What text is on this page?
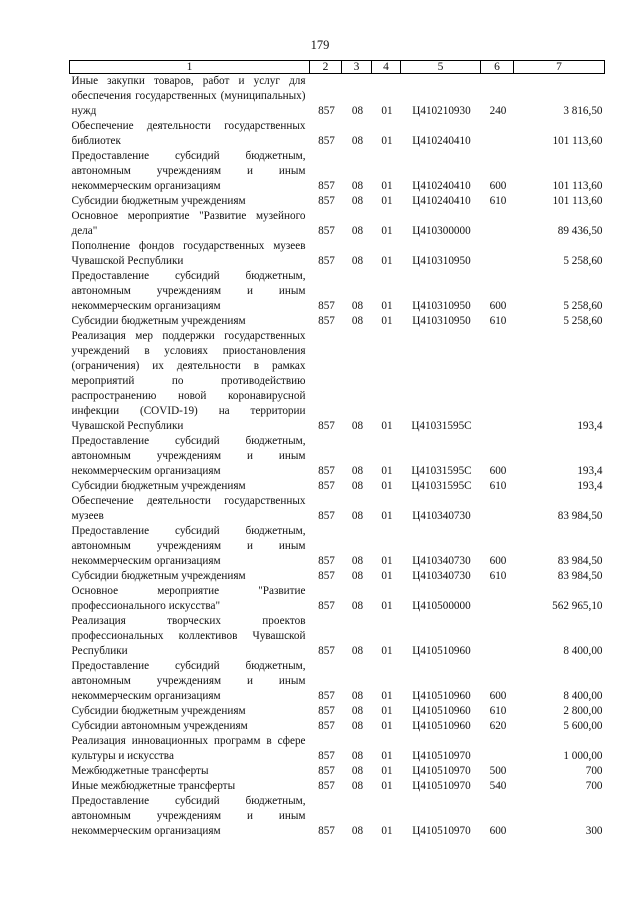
179
1	2	3	4	5	6	7
Иные закупки товаров, работ и услуг для обеспечения государственных (муниципальных) нужд	857	08	01	Ц410210930	240	3 816,50
Обеспечение деятельности государственных библиотек	857	08	01	Ц410240410		101 113,60
Предоставление субсидий бюджетным, автономным учреждениям и иным некоммерческим организациям	857	08	01	Ц410240410	600	101 113,60
Субсидии бюджетным учреждениям	857	08	01	Ц410240410	610	101 113,60
Основное мероприятие "Развитие музейного дела"	857	08	01	Ц410300000		89 436,50
Пополнение фондов государственных музеев Чувашской Республики	857	08	01	Ц410310950		5 258,60
Предоставление субсидий бюджетным, автономным учреждениям и иным некоммерческим организациям	857	08	01	Ц410310950	600	5 258,60
Субсидии бюджетным учреждениям	857	08	01	Ц410310950	610	5 258,60
Реализация мер поддержки государственных учреждений в условиях приостановления (ограничения) их деятельности в рамках мероприятий по противодействию распространению новой коронавирусной инфекции (COVID-19) на территории Чувашской Республики	857	08	01	Ц41031595С		193,4
Предоставление субсидий бюджетным, автономным учреждениям и иным некоммерческим организациям	857	08	01	Ц41031595С	600	193,4
Субсидии бюджетным учреждениям	857	08	01	Ц41031595С	610	193,4
Обеспечение деятельности государственных музеев	857	08	01	Ц410340730		83 984,50
Предоставление субсидий бюджетным, автономным учреждениям и иным некоммерческим организациям	857	08	01	Ц410340730	600	83 984,50
Субсидии бюджетным учреждениям	857	08	01	Ц410340730	610	83 984,50
Основное мероприятие "Развитие профессионального искусства"	857	08	01	Ц410500000		562 965,10
Реализация творческих проектов профессиональных коллективов Чувашской Республики	857	08	01	Ц410510960		8 400,00
Предоставление субсидий бюджетным, автономным учреждениям и иным некоммерческим организациям	857	08	01	Ц410510960	600	8 400,00
Субсидии бюджетным учреждениям	857	08	01	Ц410510960	610	2 800,00
Субсидии автономным учреждениям	857	08	01	Ц410510960	620	5 600,00
Реализация инновационных программ в сфере культуры и искусства	857	08	01	Ц410510970		1 000,00
Межбюджетные трансферты	857	08	01	Ц410510970	500	700
Иные межбюджетные трансферты	857	08	01	Ц410510970	540	700
Предоставление субсидий бюджетным, автономным учреждениям и иным некоммерческим организациям	857	08	01	Ц410510970	600	300
